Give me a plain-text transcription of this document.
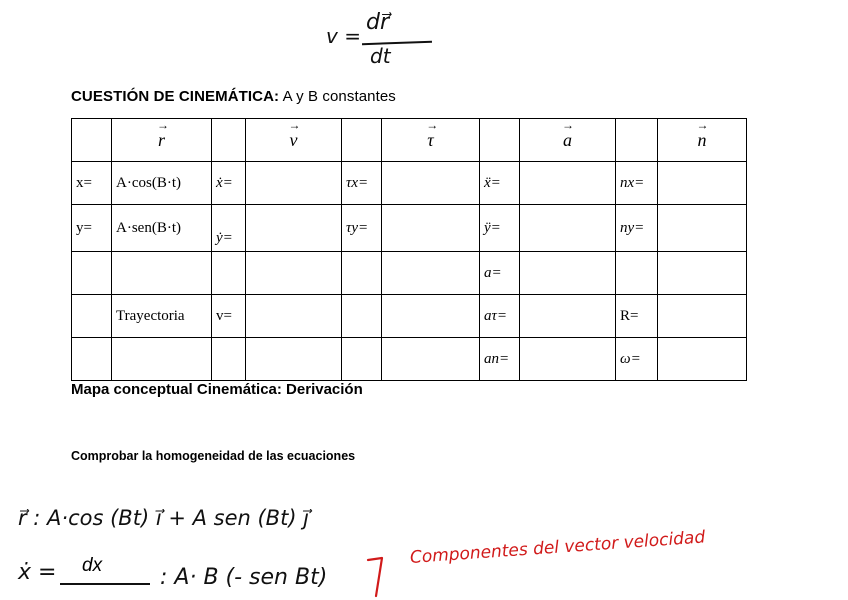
v =
dr⃗
dt
CUESTIÓN DE CINEMÁTICA: A y B constantes
	→ r		→ v		→ τ		→ a		→ n
x=	A·cos(B·t)	ẋ=		τx=		ẍ=		nx=	
y=	A·sen(B·t)	ẏ=		τy=		ÿ=		ny=	
						a=			
	Trayectoria	v=				aτ=		R=	
						an=		ω=	
Mapa conceptual Cinemática: Derivación
Comprobar la homogeneidad de las ecuaciones
r⃗ : A·cos (Bt) i⃗ + A sen (Bt) j⃗
ẋ = dx	: A· B (- sen Bt)
Componentes del vector velocidad
